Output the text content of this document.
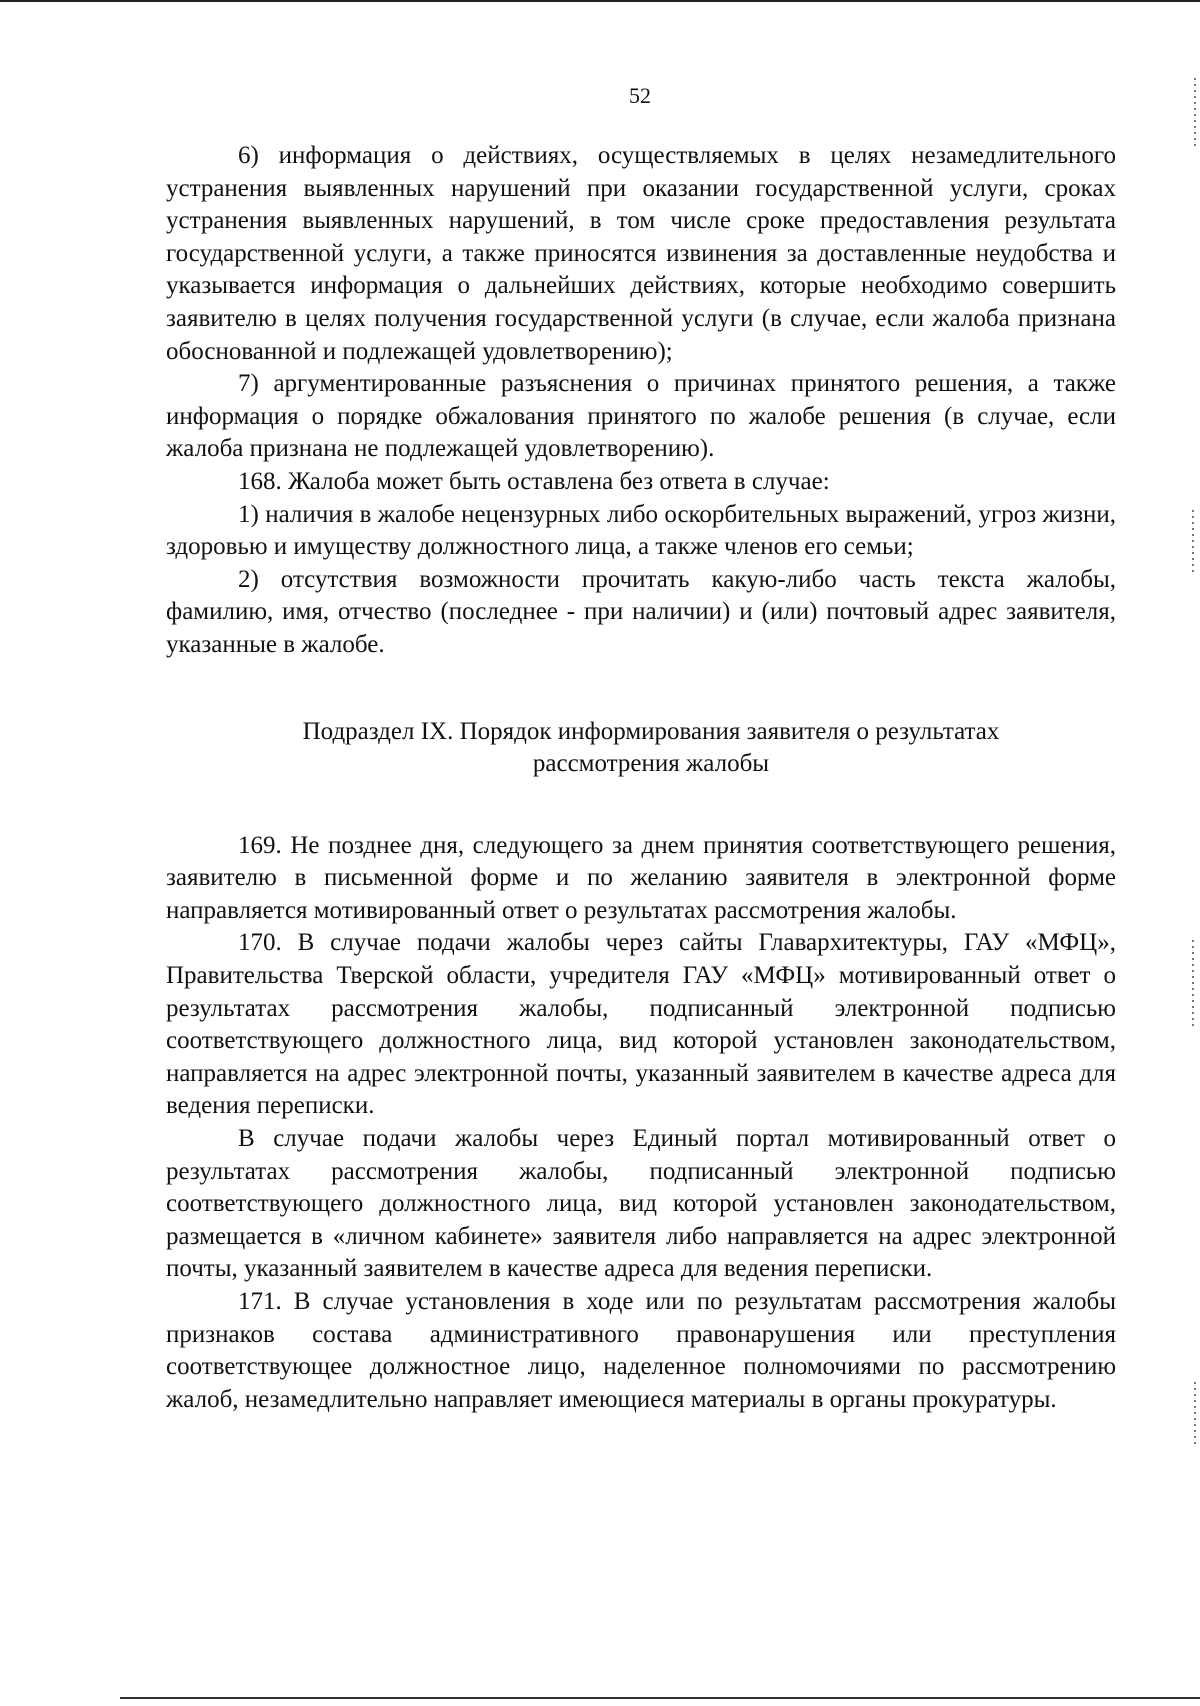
52

6) информация о действиях, осуществляемых в целях незамедлительного устранения выявленных нарушений при оказании государственной услуги, сроках устранения выявленных нарушений, в том числе сроке предоставления результата государственной услуги, а также приносятся извинения за доставленные неудобства и указывается информация о дальнейших действиях, которые необходимо совершить заявителю в целях получения государственной услуги (в случае, если жалоба признана обоснованной и подлежащей удовлетворению);

7) аргументированные разъяснения о причинах принятого решения, а также информация о порядке обжалования принятого по жалобе решения (в случае, если жалоба признана не подлежащей удовлетворению).

168. Жалоба может быть оставлена без ответа в случае:

1) наличия в жалобе нецензурных либо оскорбительных выражений, угроз жизни, здоровью и имуществу должностного лица, а также членов его семьи;

2) отсутствия возможности прочитать какую-либо часть текста жалобы, фамилию, имя, отчество (последнее - при наличии) и (или) почтовый адрес заявителя, указанные в жалобе.

Подраздел IX. Порядок информирования заявителя о результатах
рассмотрения жалобы

169. Не позднее дня, следующего за днем принятия соответствующего решения, заявителю в письменной форме и по желанию заявителя в электронной форме направляется мотивированный ответ о результатах рассмотрения жалобы.

170. В случае подачи жалобы через сайты Главархитектуры, ГАУ «МФЦ», Правительства Тверской области, учредителя ГАУ «МФЦ» мотивированный ответ о результатах рассмотрения жалобы, подписанный электронной подписью соответствующего должностного лица, вид которой установлен законодательством, направляется на адрес электронной почты, указанный заявителем в качестве адреса для ведения переписки.

В случае подачи жалобы через Единый портал мотивированный ответ о результатах рассмотрения жалобы, подписанный электронной подписью соответствующего должностного лица, вид которой установлен законодательством, размещается в «личном кабинете» заявителя либо направляется на адрес электронной почты, указанный заявителем в качестве адреса для ведения переписки.

171. В случае установления в ходе или по результатам рассмотрения жалобы признаков состава административного правонарушения или преступления соответствующее должностное лицо, наделенное полномочиями по рассмотрению жалоб, незамедлительно направляет имеющиеся материалы в органы прокуратуры.
